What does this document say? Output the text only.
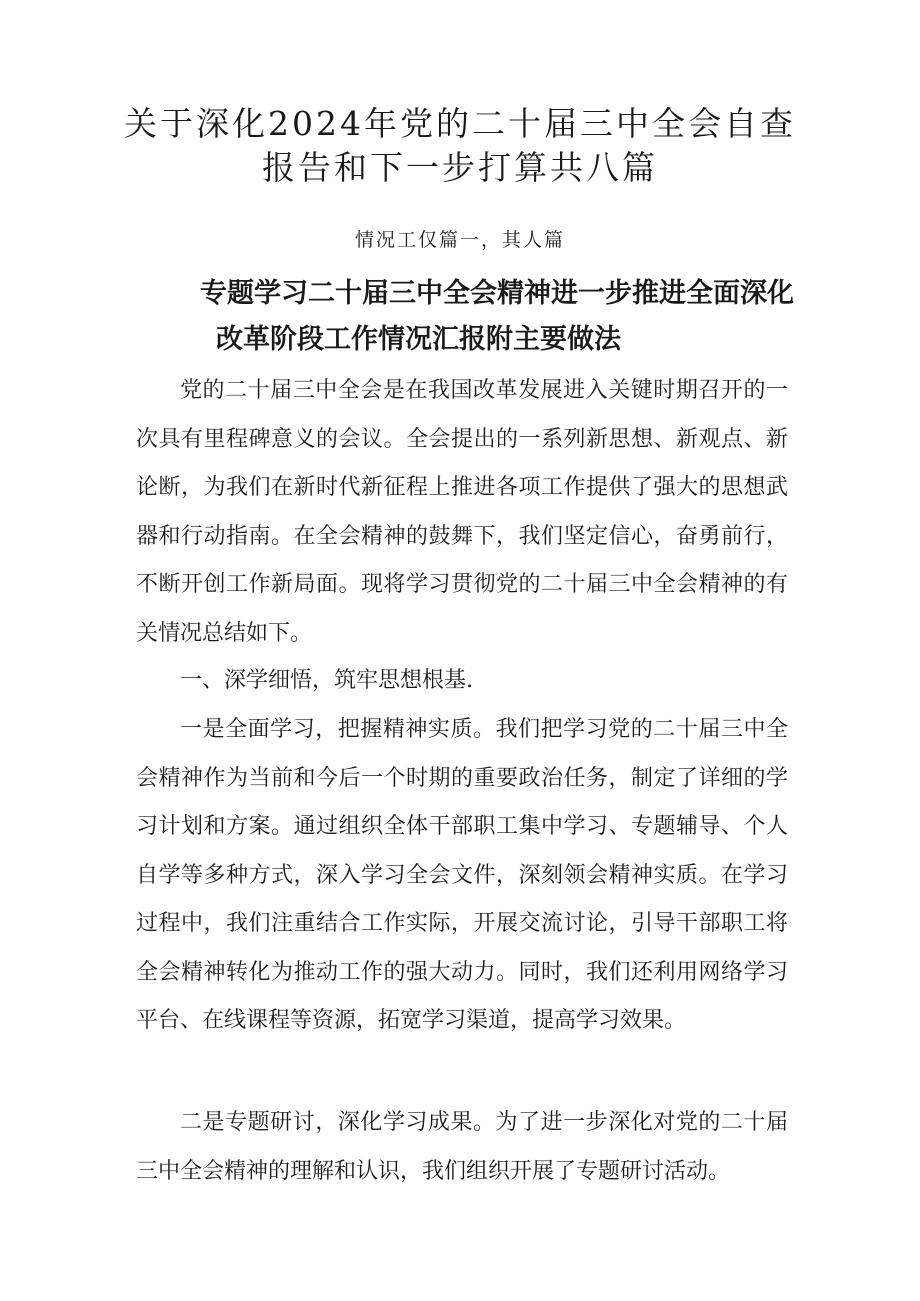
关于深化2024年党的二十届三中全会自查
报告和下一步打算共八篇

情况工仅篇一，其人篇

专题学习二十届三中全会精神进一步推进全面深化
改革阶段工作情况汇报附主要做法

党的二十届三中全会是在我国改革发展进入关键时期召开的一次具有里程碑意义的会议。全会提出的一系列新思想、新观点、新论断，为我们在新时代新征程上推进各项工作提供了强大的思想武器和行动指南。在全会精神的鼓舞下，我们坚定信心，奋勇前行，不断开创工作新局面。现将学习贯彻党的二十届三中全会精神的有关情况总结如下。

一、深学细悟，筑牢思想根基.

一是全面学习，把握精神实质。我们把学习党的二十届三中全会精神作为当前和今后一个时期的重要政治任务，制定了详细的学习计划和方案。通过组织全体干部职工集中学习、专题辅导、个人自学等多种方式，深入学习全会文件，深刻领会精神实质。在学习过程中，我们注重结合工作实际，开展交流讨论，引导干部职工将全会精神转化为推动工作的强大动力。同时，我们还利用网络学习平台、在线课程等资源，拓宽学习渠道，提高学习效果。

二是专题研讨，深化学习成果。为了进一步深化对党的二十届三中全会精神的理解和认识，我们组织开展了专题研讨活动。
